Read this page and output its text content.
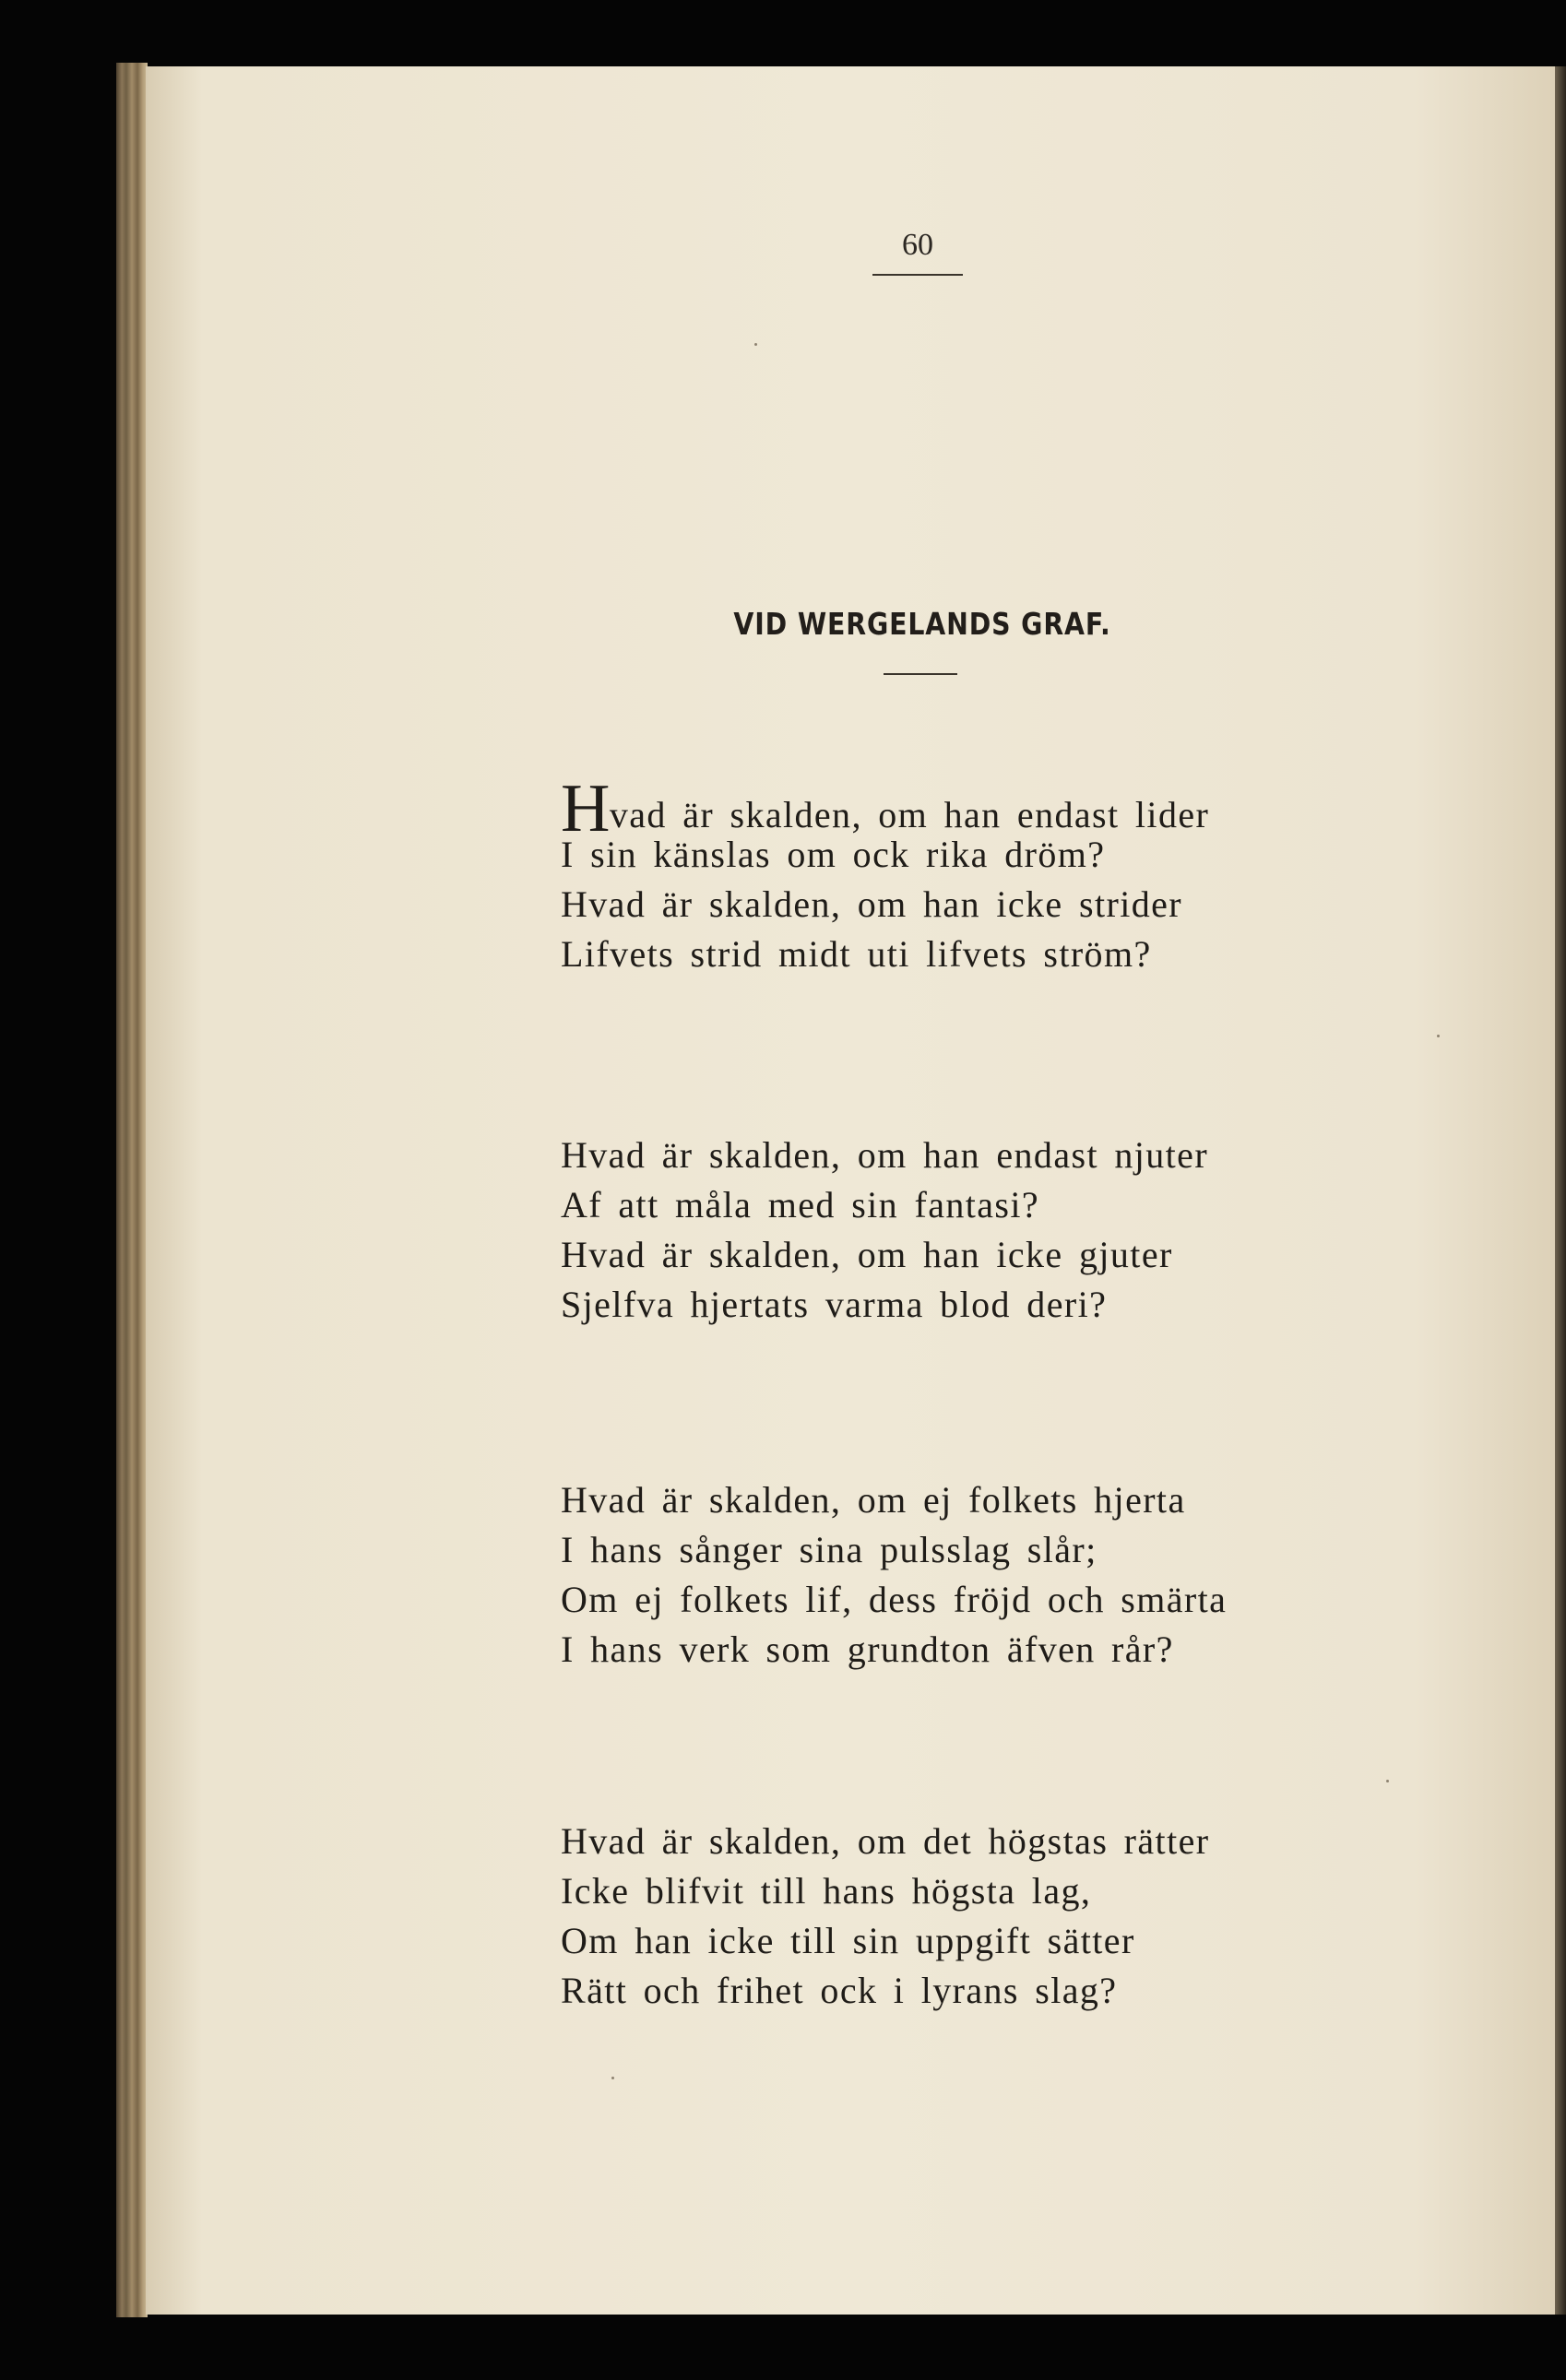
60
VID WERGELANDS GRAF.
Hvad är skalden, om han endast lider
I sin känslas om ock rika dröm?
Hvad är skalden, om han icke strider
Lifvets strid midt uti lifvets ström?
Hvad är skalden, om han endast njuter
Af att måla med sin fantasi?
Hvad är skalden, om han icke gjuter
Sjelfva hjertats varma blod deri?
Hvad är skalden, om ej folkets hjerta
I hans sånger sina pulsslag slår;
Om ej folkets lif, dess fröjd och smärta
I hans verk som grundton äfven rår?
Hvad är skalden, om det högstas rätter
Icke blifvit till hans högsta lag,
Om han icke till sin uppgift sätter
Rätt och frihet ock i lyrans slag?
